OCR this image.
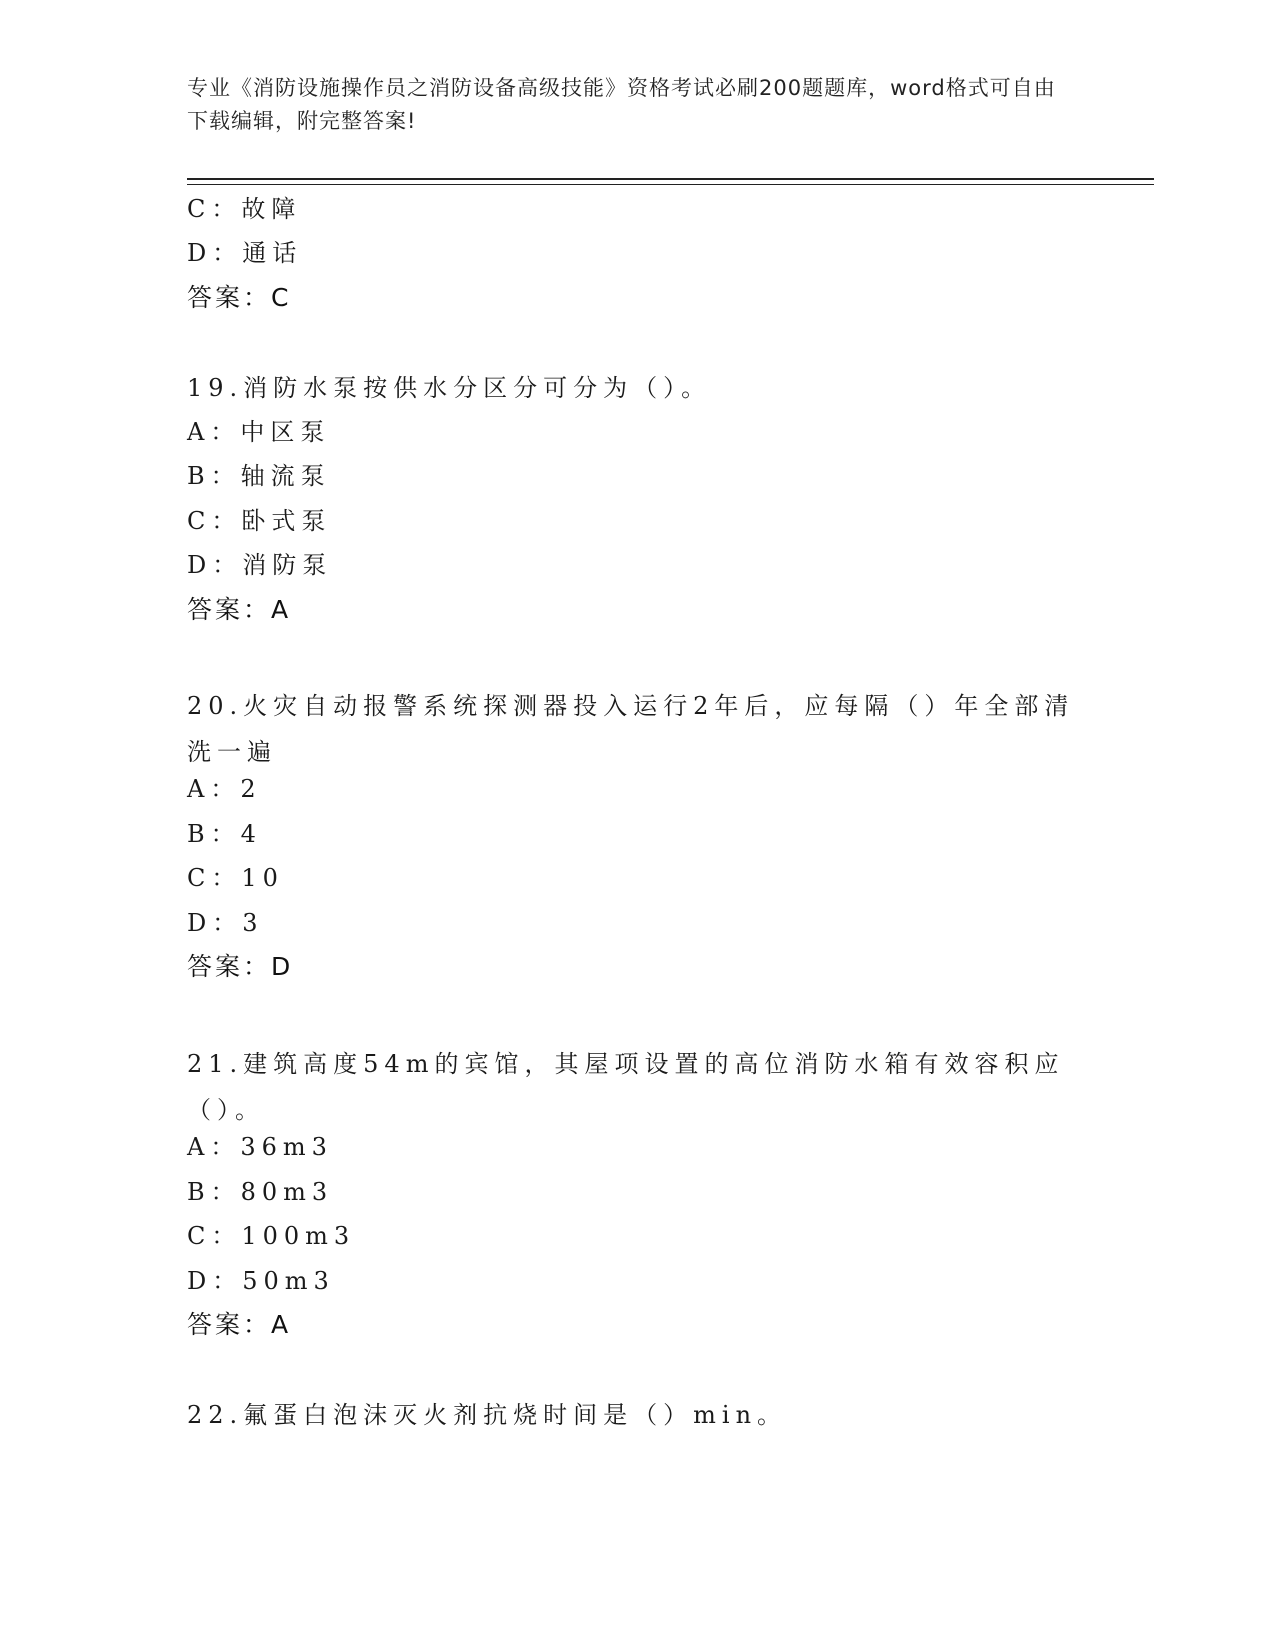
专业《消防设施操作员之消防设备高级技能》资格考试必刷200题题库，word格式可自由下载编辑，附完整答案!
C：故障
D：通话
答案：C
19.消防水泵按供水分区分可分为（）。
A：中区泵
B：轴流泵
C：卧式泵
D：消防泵
答案：A
20.火灾自动报警系统探测器投入运行2年后，应每隔（）年全部清洗一遍
A：2
B：4
C：10
D：3
答案：D
21.建筑高度54m的宾馆，其屋项设置的高位消防水箱有效容积应（）。
A：36m3
B：80m3
C：100m3
D：50m3
答案：A
22.氟蛋白泡沫灭火剂抗烧时间是（）min。
